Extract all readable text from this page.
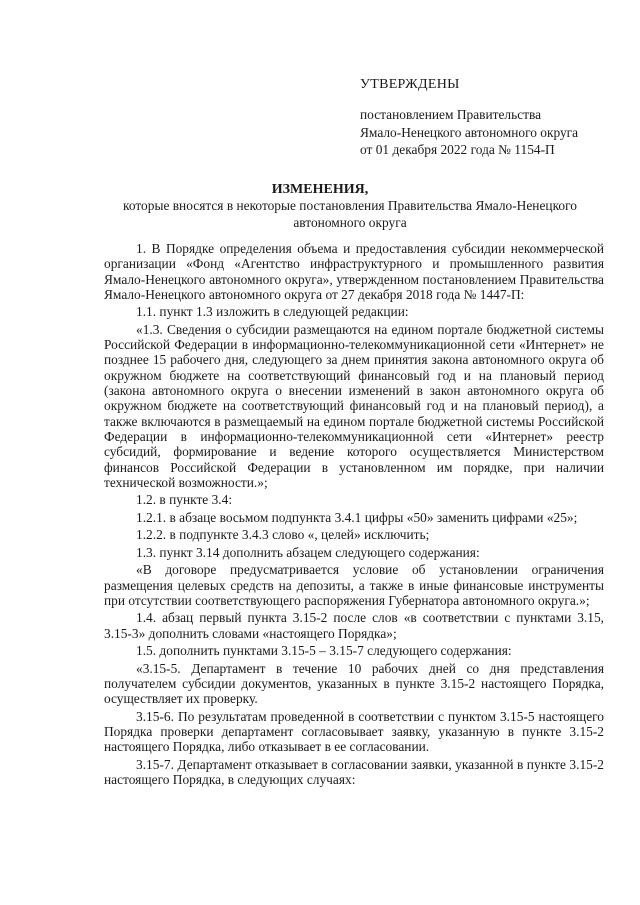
УТВЕРЖДЕНЫ
постановлением Правительства
Ямало-Ненецкого автономного округа
от 01 декабря 2022 года № 1154-П
ИЗМЕНЕНИЯ,
которые вносятся в некоторые постановления Правительства Ямало-Ненецкого автономного округа

1. В Порядке определения объема и предоставления субсидии некоммерческой организации «Фонд «Агентство инфраструктурного и промышленного развития Ямало-Ненецкого автономного округа», утвержденном постановлением Правительства Ямало-Ненецкого автономного округа от 27 декабря 2018 года № 1447-П:

1.1. пункт 1.3 изложить в следующей редакции:

«1.3. Сведения о субсидии размещаются на едином портале бюджетной системы Российской Федерации в информационно-телекоммуникационной сети «Интернет» не позднее 15 рабочего дня, следующего за днем принятия закона автономного округа об окружном бюджете на соответствующий финансовый год и на плановый период (закона автономного округа о внесении изменений в закон автономного округа об окружном бюджете на соответствующий финансовый год и на плановый период), а также включаются в размещаемый на едином портале бюджетной системы Российской Федерации в информационно-телекоммуникационной сети «Интернет» реестр субсидий, формирование и ведение которого осуществляется Министерством финансов Российской Федерации в установленном им порядке, при наличии технической возможности.»;

1.2. в пункте 3.4:

1.2.1. в абзаце восьмом подпункта 3.4.1 цифры «50» заменить цифрами «25»;

1.2.2. в подпункте 3.4.3 слово «, целей» исключить;

1.3. пункт 3.14 дополнить абзацем следующего содержания:

«В договоре предусматривается условие об установлении ограничения размещения целевых средств на депозиты, а также в иные финансовые инструменты при отсутствии соответствующего распоряжения Губернатора автономного округа.»;

1.4. абзац первый пункта 3.15-2 после слов «в соответствии с пунктами 3.15, 3.15-3» дополнить словами «настоящего Порядка»;

1.5. дополнить пунктами 3.15-5 – 3.15-7 следующего содержания:

«3.15-5. Департамент в течение 10 рабочих дней со дня представления получателем субсидии документов, указанных в пункте 3.15-2 настоящего Порядка, осуществляет их проверку.

3.15-6. По результатам проведенной в соответствии с пунктом 3.15-5 настоящего Порядка проверки департамент согласовывает заявку, указанную в пункте 3.15-2 настоящего Порядка, либо отказывает в ее согласовании.

3.15-7. Департамент отказывает в согласовании заявки, указанной в пункте 3.15-2 настоящего Порядка, в следующих случаях:
